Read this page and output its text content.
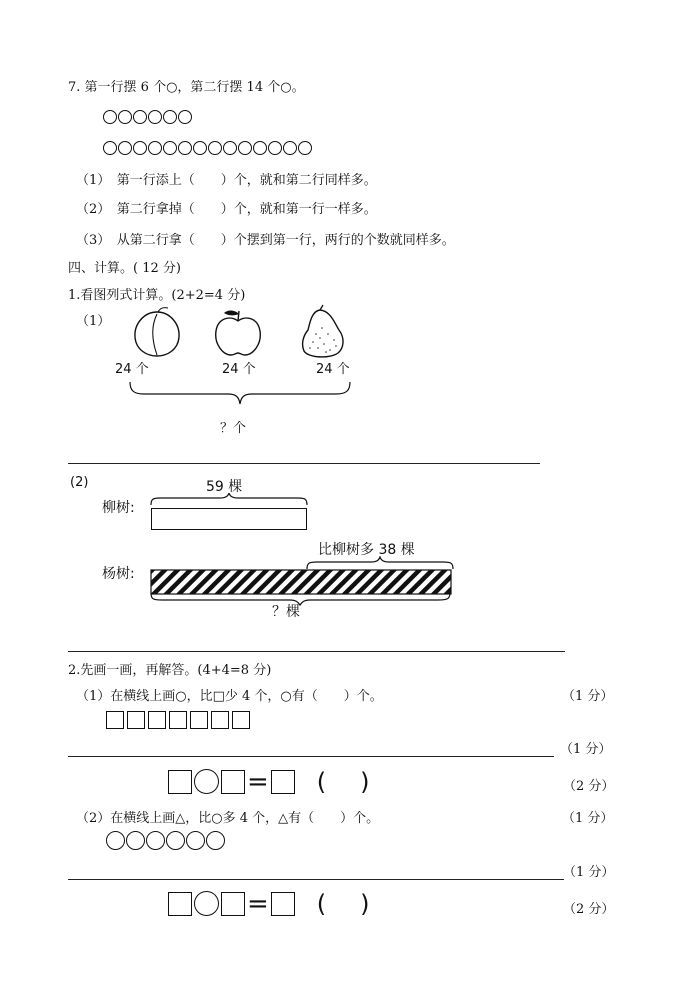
7. 第一行摆 6 个○，第二行摆 14 个○。
（1）　第一行添上（　　）个，就和第二行同样多。
（2）　第二行拿掉（　　）个，就和第一行一样多。
（3）　从第二行拿（　　）个摆到第一行，两行的个数就同样多。
四、计算。( 12 分)
1.看图列式计算。(2+2=4 分)
（1）
24 个	24 个	24 个
？个
(2)	59 棵
柳树:
比柳树多 38 棵
杨树:
？棵
2.先画一画，再解答。(4+4=8 分)
（1）在横线上画○，比□少 4 个，○有（　　）个。	（1 分）
（1 分）
= ( )	（2 分）
（2）在横线上画△，比○多 4 个，△有（　　）个。	（1 分）
（1 分）
= ( )	（2 分）
